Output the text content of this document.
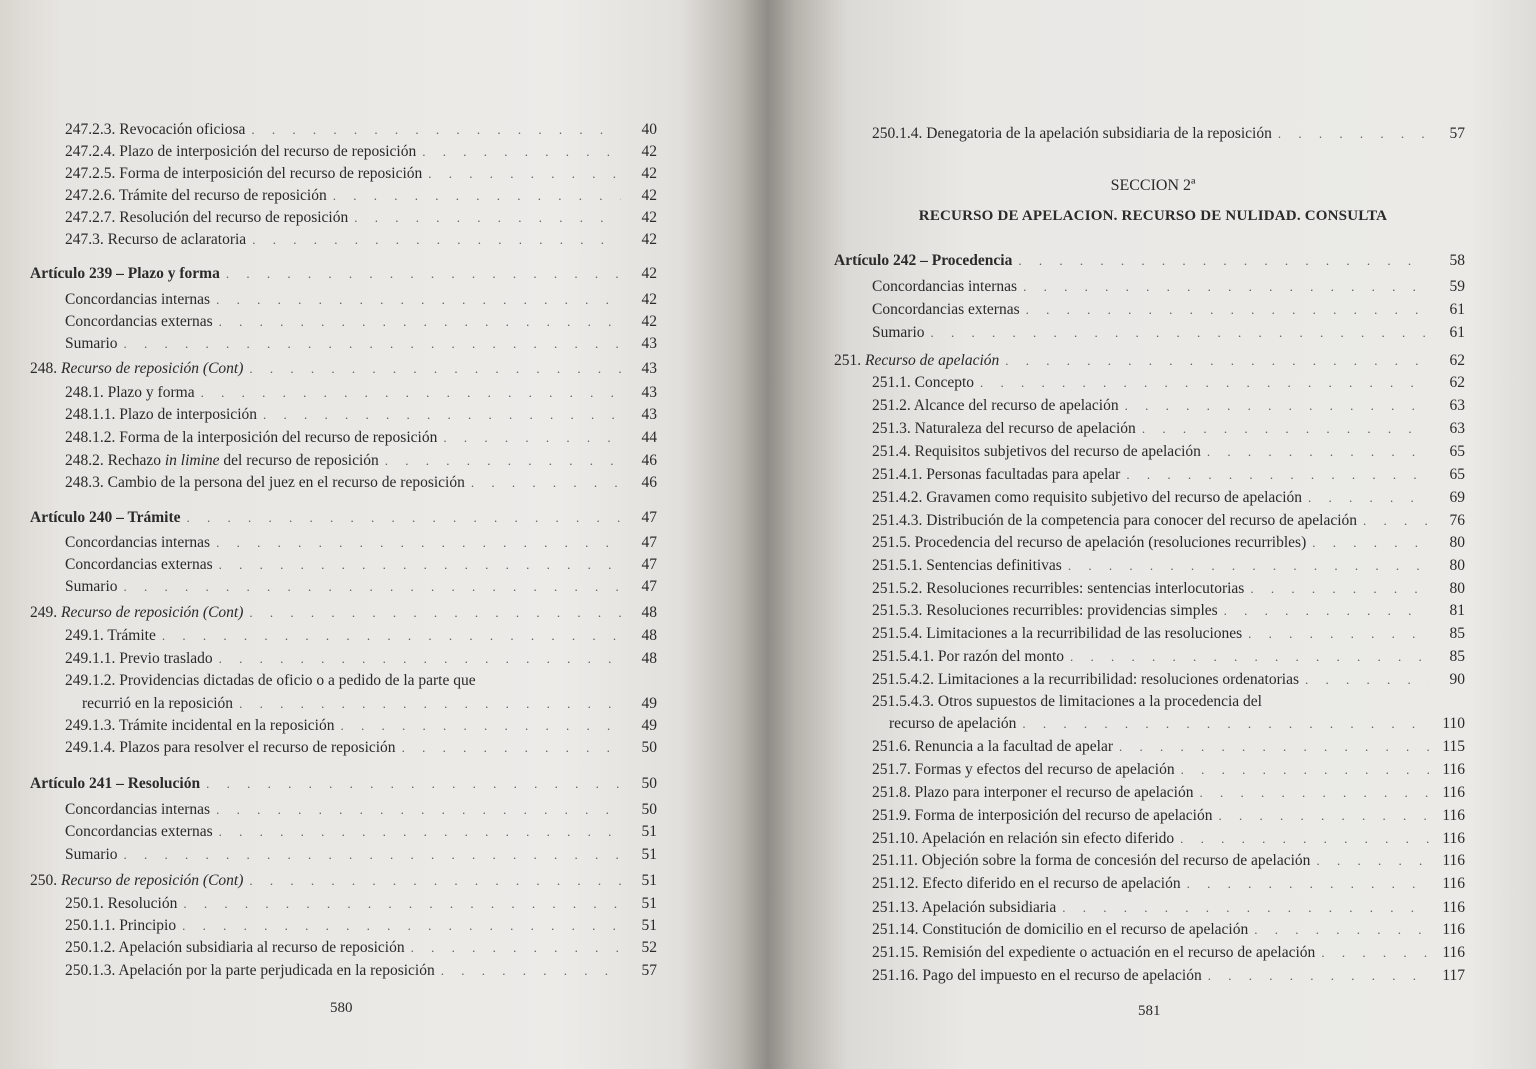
247.2.3. Revocación oficiosa . . .	40
247.2.4. Plazo de interposición del recurso de reposición . . .	42
247.2.5. Forma de interposición del recurso de reposición . . .	42
247.2.6. Trámite del recurso de reposición . . .	42
247.2.7. Resolución del recurso de reposición . . .	42
247.3. Recurso de aclaratoria . . .	42
Artículo 239 – Plazo y forma . . .	42
Concordancias internas . . .	42
Concordancias externas . . .	42
Sumario . . .	43
248. Recurso de reposición (Cont) . . .	43
248.1. Plazo y forma . . .	43
248.1.1. Plazo de interposición . . .	43
248.1.2. Forma de la interposición del recurso de reposición . . .	44
248.2. Rechazo in limine del recurso de reposición . . .	46
248.3. Cambio de la persona del juez en el recurso de reposición . . .	46
Artículo 240 – Trámite . . .	47
Concordancias internas . . .	47
Concordancias externas . . .	47
Sumario . . .	47
249. Recurso de reposición (Cont) . . .	48
249.1. Trámite . . .	48
249.1.1. Previo traslado . . .	48
249.1.2. Providencias dictadas de oficio o a pedido de la parte que
recurrió en la reposición . . .	49
249.1.3. Trámite incidental en la reposición . . .	49
249.1.4. Plazos para resolver el recurso de reposición . . .	50
Artículo 241 – Resolución . . .	50
Concordancias internas . . .	50
Concordancias externas . . .	51
Sumario . . .	51
250. Recurso de reposición (Cont) . . .	51
250.1. Resolución . . .	51
250.1.1. Principio . . .	51
250.1.2. Apelación subsidiaria al recurso de reposición . . .	52
250.1.3. Apelación por la parte perjudicada en la reposición . . .	57
580
250.1.4. Denegatoria de la apelación subsidiaria de la reposición . . .	57
SECCION 2ª
RECURSO DE APELACION. RECURSO DE NULIDAD. CONSULTA
Artículo 242 – Procedencia . . .	58
Concordancias internas . . .	59
Concordancias externas . . .	61
Sumario . . .	61
251. Recurso de apelación . . .	62
251.1. Concepto . . .	62
251.2. Alcance del recurso de apelación . . .	63
251.3. Naturaleza del recurso de apelación . . .	63
251.4. Requisitos subjetivos del recurso de apelación . . .	65
251.4.1. Personas facultadas para apelar . . .	65
251.4.2. Gravamen como requisito subjetivo del recurso de apelación . . .	69
251.4.3. Distribución de la competencia para conocer del recurso de apelación . . .	76
251.5. Procedencia del recurso de apelación (resoluciones recurribles) . . .	80
251.5.1. Sentencias definitivas . . .	80
251.5.2. Resoluciones recurribles: sentencias interlocutorias . . .	80
251.5.3. Resoluciones recurribles: providencias simples . . .	81
251.5.4. Limitaciones a la recurribilidad de las resoluciones . . .	85
251.5.4.1. Por razón del monto . . .	85
251.5.4.2. Limitaciones a la recurribilidad: resoluciones ordenatorias . . .	90
251.5.4.3. Otros supuestos de limitaciones a la procedencia del
recurso de apelación . . .	110
251.6. Renuncia a la facultad de apelar . . .	115
251.7. Formas y efectos del recurso de apelación . . .	116
251.8. Plazo para interponer el recurso de apelación . . .	116
251.9. Forma de interposición del recurso de apelación . . .	116
251.10. Apelación en relación sin efecto diferido . . .	116
251.11. Objeción sobre la forma de concesión del recurso de apelación . . .	116
251.12. Efecto diferido en el recurso de apelación . . .	116
251.13. Apelación subsidiaria . . .	116
251.14. Constitución de domicilio en el recurso de apelación . . .	116
251.15. Remisión del expediente o actuación en el recurso de apelación . . .	116
251.16. Pago del impuesto en el recurso de apelación . . .	117
581
